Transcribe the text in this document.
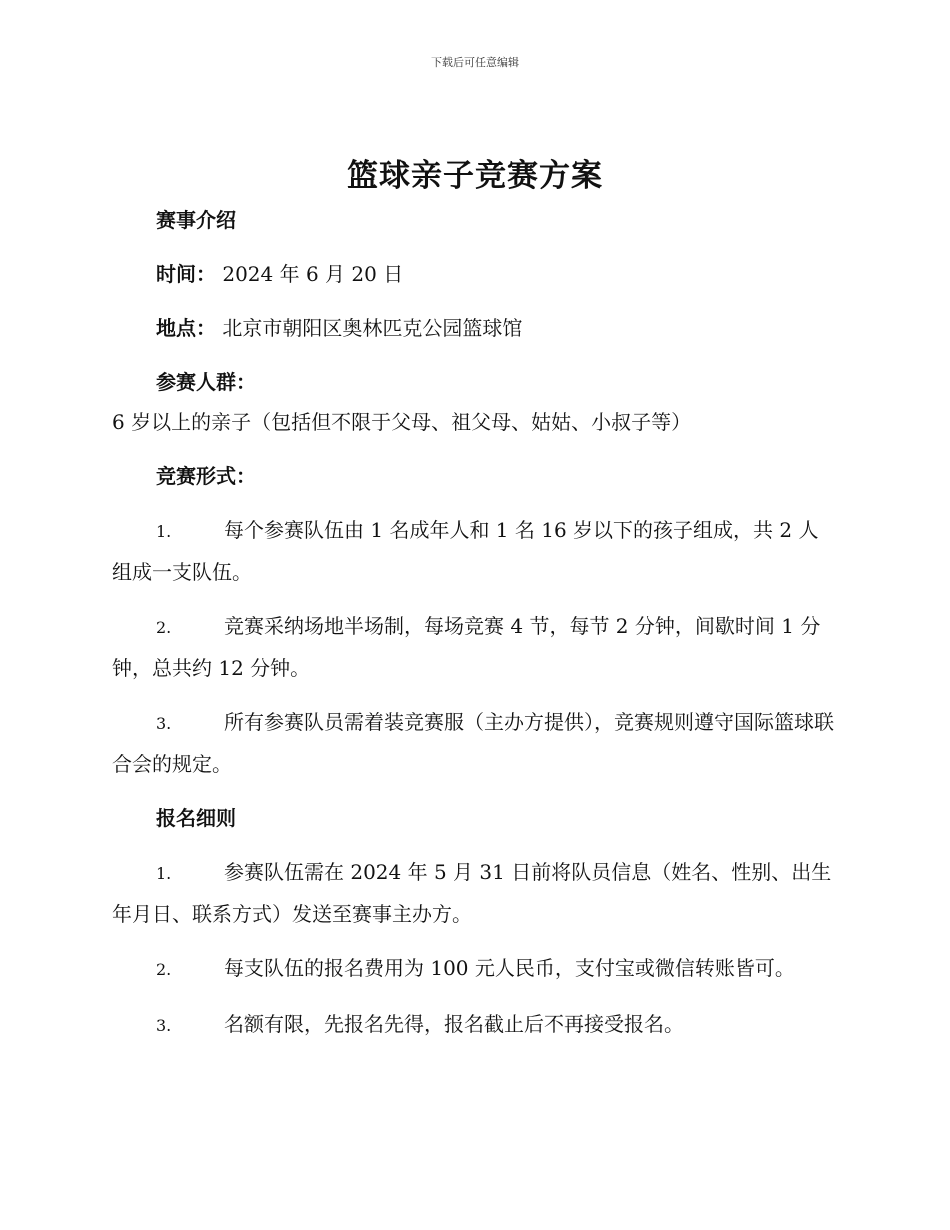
下载后可任意编辑
篮球亲子竞赛方案
赛事介绍
时间： 2024 年 6 月 20 日
地点： 北京市朝阳区奥林匹克公园篮球馆
参赛人群： 6 岁以上的亲子（包括但不限于父母、祖父母、姑姑、小叔子等）
竞赛形式：
1.	每个参赛队伍由 1 名成年人和 1 名 16 岁以下的孩子组成，共 2 人组成一支队伍。
2.	竞赛采纳场地半场制，每场竞赛 4 节，每节 2 分钟，间歇时间 1 分钟，总共约 12 分钟。
3.	所有参赛队员需着装竞赛服（主办方提供），竞赛规则遵守国际篮球联合会的规定。
报名细则
1.	参赛队伍需在 2024 年 5 月 31 日前将队员信息（姓名、性别、出生年月日、联系方式）发送至赛事主办方。
2.	每支队伍的报名费用为 100 元人民币，支付宝或微信转账皆可。
3.	名额有限，先报名先得，报名截止后不再接受报名。
